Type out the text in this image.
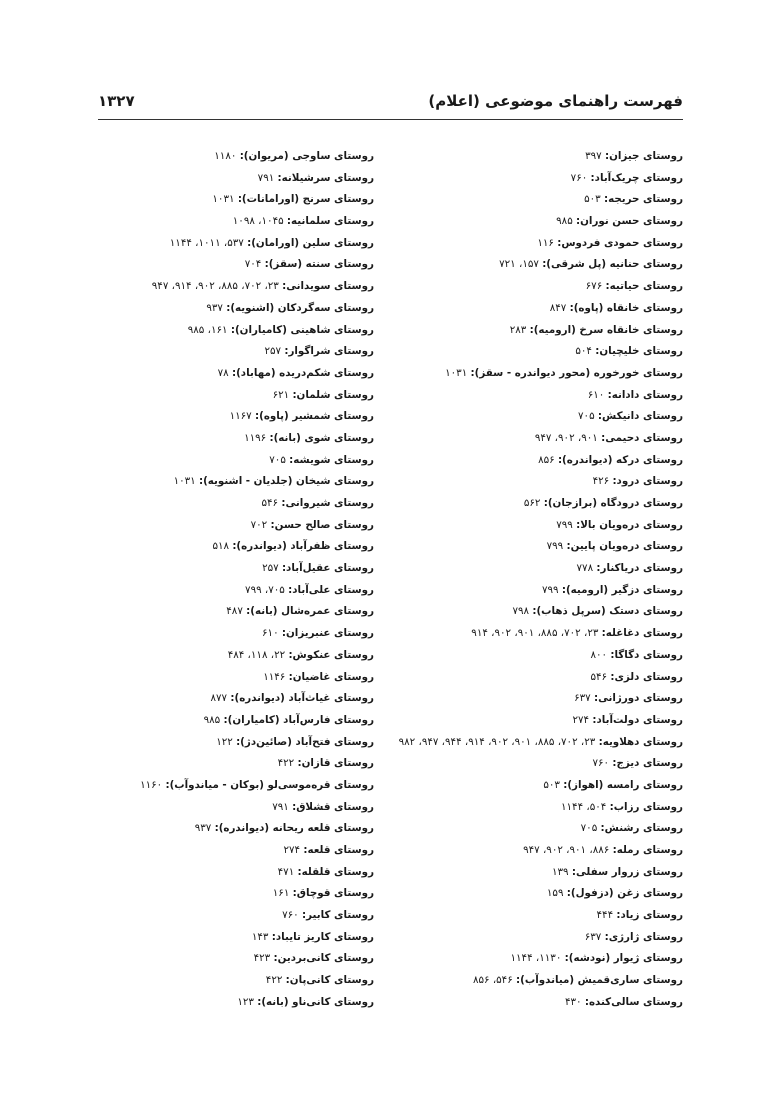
فهرست راهنمای موضوعی (اعلام)
۱۳۲۷
روستای جیزان: ۳۹۷
روستای چریک‌آباد: ۷۶۰
روستای حریجه: ۵۰۳
روستای حسن نوران: ۹۸۵
روستای حمودی فردوس: ۱۱۶
روستای حنانیه (پل شرقی): ۱۵۷، ۷۲۱
روستای حیاتیه: ۶۷۶
روستای خانقاه (پاوه): ۸۴۷
روستای خانقاه سرخ (ارومیه): ۲۸۳
روستای خلیچیان: ۵۰۴
روستای خورخوره (محور دیواندره - سقز): ۱۰۳۱
روستای دادانه: ۶۱۰
روستای دانیکش: ۷۰۵
روستای دحیمی: ۹۰۱، ۹۰۲، ۹۴۷
روستای درکه (دیواندره): ۸۵۶
روستای درود: ۴۲۶
روستای درودگاه (برازجان): ۵۶۲
روستای دره‌ویان بالا: ۷۹۹
روستای دره‌ویان پایین: ۷۹۹
روستای دریاکنار: ۷۷۸
روستای دزگیر (ارومیه): ۷۹۹
روستای دستک (سرپل ذهاب): ۷۹۸
روستای دغاغله: ۲۳، ۷۰۲، ۸۸۵، ۹۰۱، ۹۰۲، ۹۱۴
روستای دگاگا: ۸۰۰
روستای دلزی: ۵۴۶
روستای دورژانی: ۶۳۷
روستای دولت‌آباد: ۲۷۴
روستای دهلاویه: ۲۳، ۷۰۲، ۸۸۵، ۹۰۱، ۹۰۲، ۹۱۴، ۹۴۴، ۹۴۷، ۹۸۲
روستای دیزج: ۷۶۰
روستای رامسه (اهواز): ۵۰۳
روستای رزاب: ۵۰۴، ۱۱۴۴
روستای رشنش: ۷۰۵
روستای رمله: ۸۸۶، ۹۰۱، ۹۰۲، ۹۴۷
روستای زروار سفلی: ۱۳۹
روستای زغن (دزفول): ۱۵۹
روستای زیاد: ۴۴۴
روستای ژارژی: ۶۳۷
روستای ژیوار (نودشه): ۱۱۳۰، ۱۱۴۴
روستای ساری‌قمیش (میاندوآب): ۵۴۶، ۸۵۶
روستای سالی‌کنده: ۴۳۰
روستای ساوجی (مریوان): ۱۱۸۰
روستای سرشیلانه: ۷۹۱
روستای سرنج (اورامانات): ۱۰۳۱
روستای سلمانیه: ۱۰۴۵، ۱۰۹۸
روستای سلین (اورامان): ۵۳۷، ۱۰۱۱، ۱۱۴۴
روستای سنته (سقز): ۷۰۴
روستای سویدانی: ۲۳، ۷۰۲، ۸۸۵، ۹۰۲، ۹۱۴، ۹۴۷
روستای سه‌گردکان (اشنویه): ۹۳۷
روستای شاهینی (کامیاران): ۱۶۱، ۹۸۵
روستای شراگوار: ۲۵۷
روستای شکم‌دریده (مهاباد): ۷۸
روستای شلمان: ۶۲۱
روستای شمشیر (پاوه): ۱۱۶۷
روستای شوی (بانه): ۱۱۹۶
روستای شویشه: ۷۰۵
روستای شیخان (جلدیان - اشنویه): ۱۰۳۱
روستای شیروانی: ۵۴۶
روستای صالح حسن: ۷۰۲
روستای ظفرآباد (دیواندره): ۵۱۸
روستای عقیل‌آباد: ۲۵۷
روستای علی‌آباد: ۷۰۵، ۷۹۹
روستای عمره‌شال (بانه): ۴۸۷
روستای عنبریزان: ۶۱۰
روستای عنکوش: ۲۲، ۱۱۸، ۴۸۴
روستای غاضیان: ۱۱۴۶
روستای غیاث‌آباد (دیواندره): ۸۷۷
روستای فارس‌آباد (کامیاران): ۹۸۵
روستای فتح‌آباد (صائین‌دژ): ۱۲۲
روستای قازان: ۴۲۲
روستای قره‌موسی‌لو (بوکان - میاندوآب): ۱۱۶۰
روستای قشلاق: ۷۹۱
روستای قلعه ریحانه (دیواندره): ۹۳۷
روستای قلعه: ۲۷۴
روستای قلقله: ۴۷۱
روستای قوچاق: ۱۶۱
روستای کابیر: ۷۶۰
روستای کاریز تایباد: ۱۴۳
روستای کانی‌بردین: ۴۲۳
روستای کانی‌پان: ۴۲۲
روستای کانی‌ناو (بانه): ۱۲۳
